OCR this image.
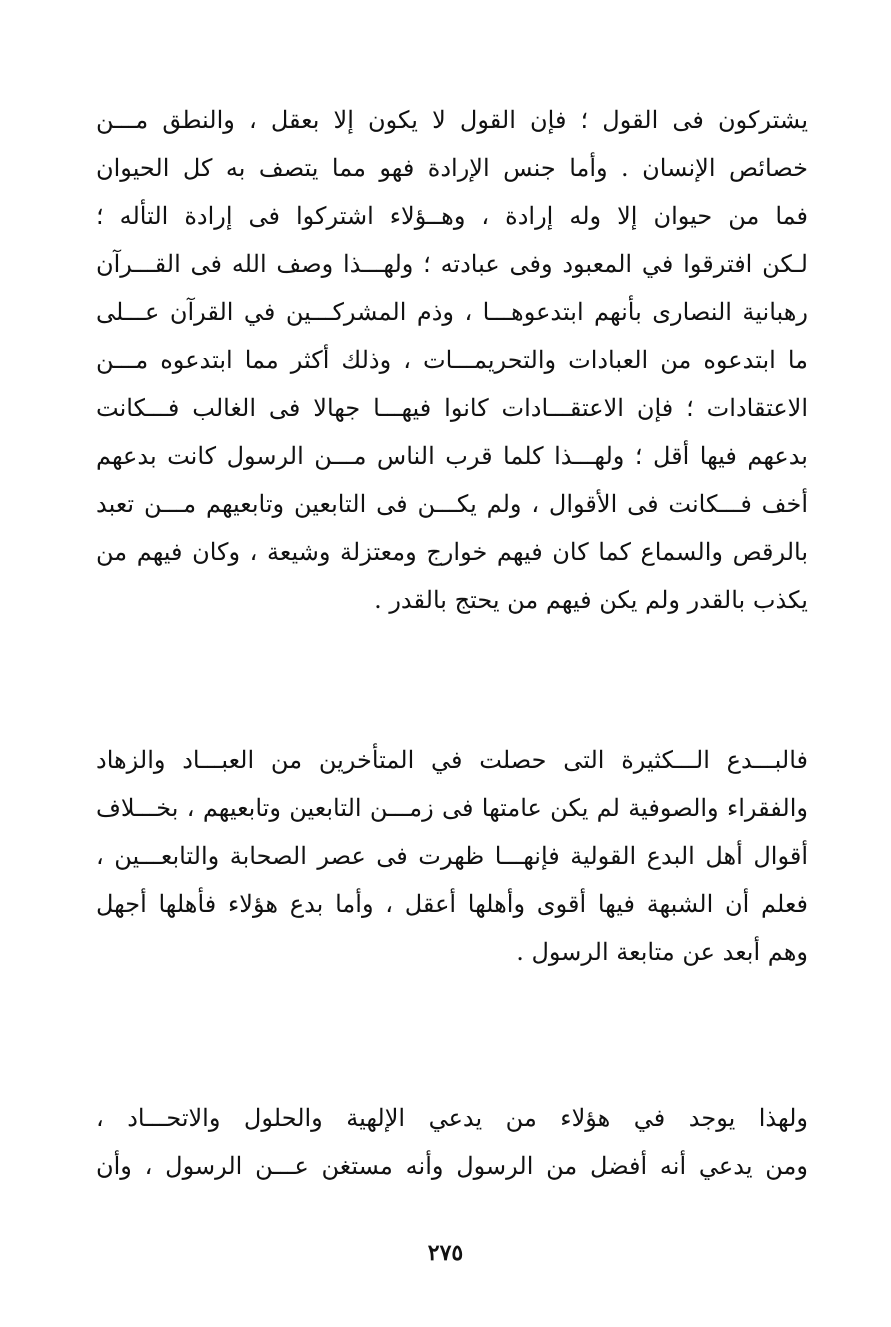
يشتركون فى القول ؛ فإن القول لا يكون إلا بعقل ، والنطق مـــن
خصائص الإنسان . وأما جنس الإرادة فهو مما يتصف به كل الحيوان
فما من حيوان إلا وله إرادة ، وهــؤلاء اشتركوا فى إرادة التأله ؛
لـكن افترقوا في المعبود وفى عبادته ؛ ولهـــذا وصف الله فى القـــرآن
رهبانية النصارى بأنهم ابتدعوهـــا ، وذم المشركـــين في القرآن عـــلى
ما ابتدعوه من العبادات والتحريمـــات ، وذلك أكثر مما ابتدعوه مـــن
الاعتقادات ؛ فإن الاعتقـــادات كانوا فيهـــا جهالا فى الغالب فـــكانت
بدعهم فيها أقل ؛ ولهـــذا كلما قرب الناس مـــن الرسول كانت بدعهم
أخف فـــكانت فى الأقوال ، ولم يكـــن فى التابعين وتابعيهم مـــن تعبد
بالرقص والسماع كما كان فيهم خوارج ومعتزلة وشيعة ، وكان فيهم من
يكذب بالقدر ولم يكن فيهم من يحتج بالقدر .
فالبـــدع الـــكثيرة التى حصلت في المتأخرين من العبـــاد والزهاد
والفقراء والصوفية لم يكن عامتها فى زمـــن التابعين وتابعيهم ، بخـــلاف
أقوال أهل البدع القولية فإنهـــا ظهرت فى عصر الصحابة والتابعـــين ،
فعلم أن الشبهة فيها أقوى وأهلها أعقل ، وأما بدع هؤلاء فأهلها أجهل
وهم أبعد عن متابعة الرسول .
ولهذا يوجد في هؤلاء من يدعي الإلهية والحلول والاتحـــاد ،
ومن يدعي أنه أفضل من الرسول وأنه مستغن عـــن الرسول ، وأن
٢٧٥
